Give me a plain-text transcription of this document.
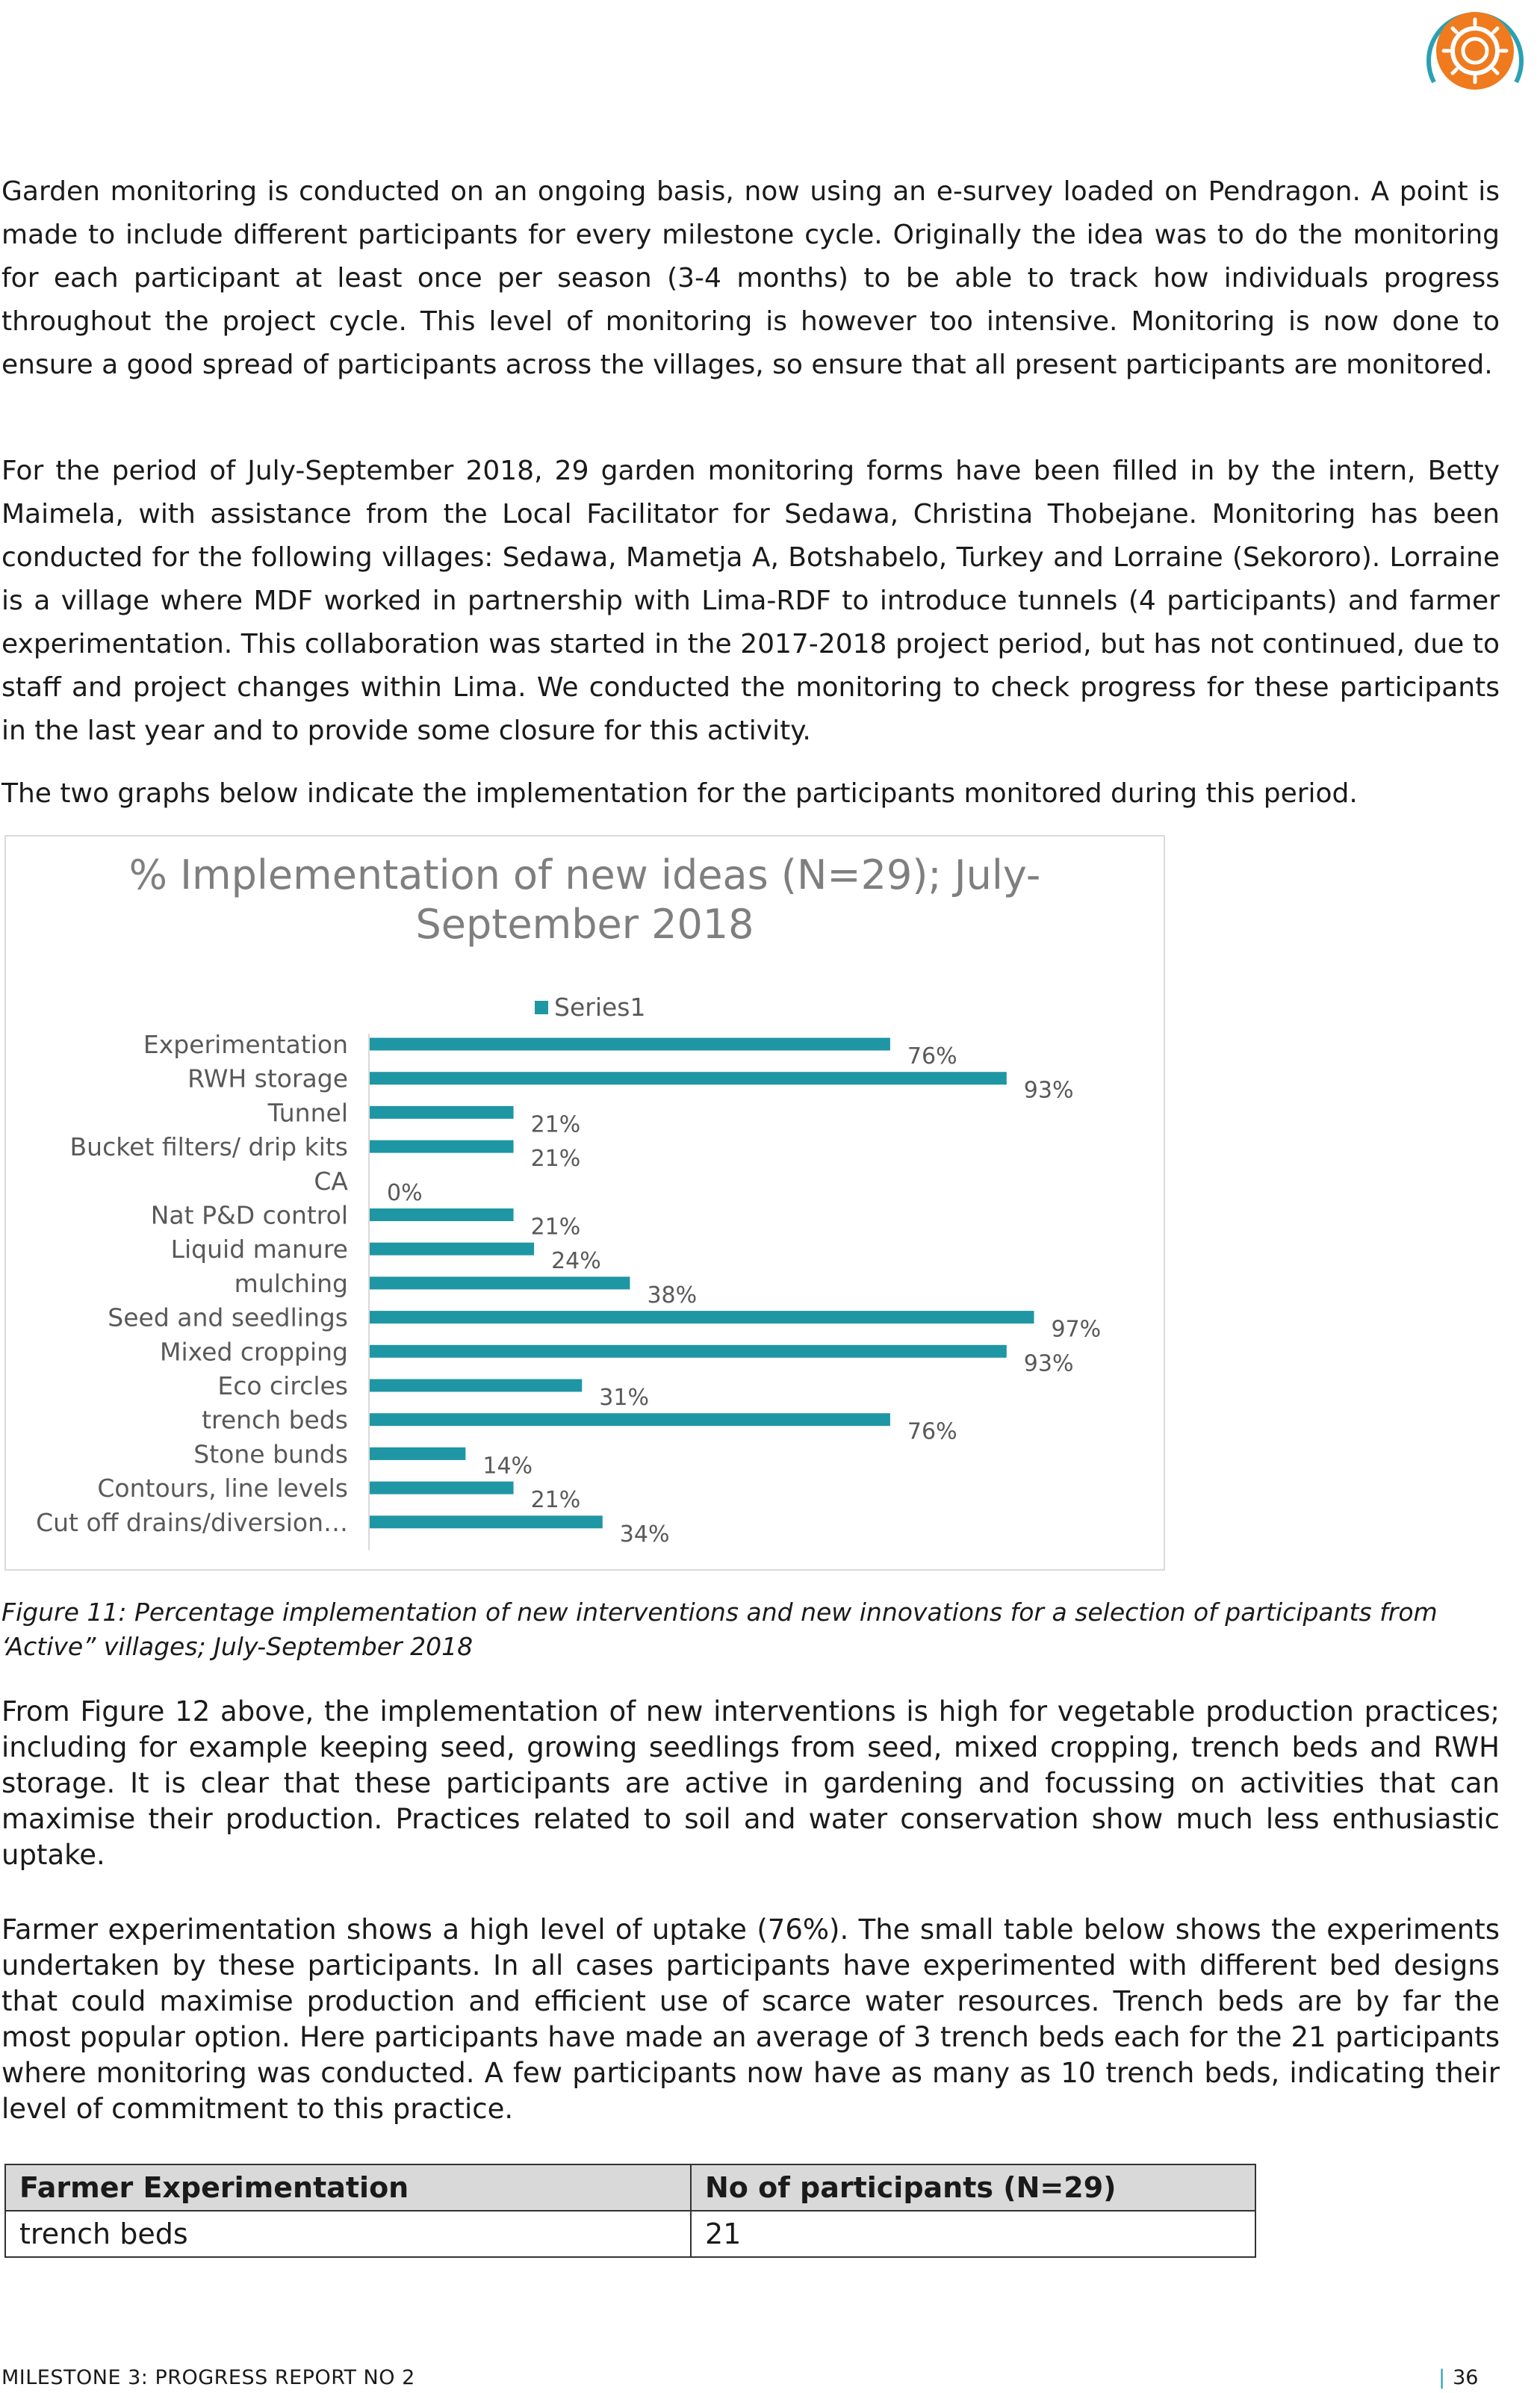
Garden monitoring is conducted on an ongoing basis, now using an e-survey loaded on Pendragon. A point is made to include different participants for every milestone cycle. Originally the idea was to do the monitoring for each participant at least once per season (3-4 months) to be able to track how individuals progress throughout the project cycle. This level of monitoring is however too intensive. Monitoring is now done to ensure a good spread of participants across the villages, so ensure that all present participants are monitored.

For the period of July-September 2018, 29 garden monitoring forms have been filled in by the intern, Betty Maimela, with assistance from the Local Facilitator for Sedawa, Christina Thobejane. Monitoring has been conducted for the following villages: Sedawa, Mametja A, Botshabelo, Turkey and Lorraine (Sekororo). Lorraine is a village where MDF worked in partnership with Lima-RDF to introduce tunnels (4 participants) and farmer experimentation. This collaboration was started in the 2017-2018 project period, but has not continued, due to staff and project changes within Lima. We conducted the monitoring to check progress for these participants in the last year and to provide some closure for this activity.

The two graphs below indicate the implementation for the participants monitored during this period.

% Implementation of new ideas (N=29); July-
September 2018
Series1
Experimentation	76%
RWH storage	93%
Tunnel	21%
Bucket filters/ drip kits	21%
CA 0%
Nat P&D control	21%
Liquid manure	24%
mulching	38%
Seed and seedlings	97%
Mixed cropping	93%
Eco circles	31%
trench beds	76%
Stone bunds	14%
Contours, line levels	21%
Cut off drains/diversion…	34%

Figure 11: Percentage implementation of new interventions and new innovations for a selection of participants from ‘Active” villages; July-September 2018

From Figure 12 above, the implementation of new interventions is high for vegetable production practices; including for example keeping seed, growing seedlings from seed, mixed cropping, trench beds and RWH storage. It is clear that these participants are active in gardening and focussing on activities that can maximise their production. Practices related to soil and water conservation show much less enthusiastic uptake.

Farmer experimentation shows a high level of uptake (76%). The small table below shows the experiments undertaken by these participants. In all cases participants have experimented with different bed designs that could maximise production and efficient use of scarce water resources. Trench beds are by far the most popular option. Here participants have made an average of 3 trench beds each for the 21 participants where monitoring was conducted. A few participants now have as many as 10 trench beds, indicating their level of commitment to this practice.

Farmer Experimentation	No of participants (N=29)
trench beds	21
MILESTONE 3: PROGRESS REPORT NO 2	| 36
